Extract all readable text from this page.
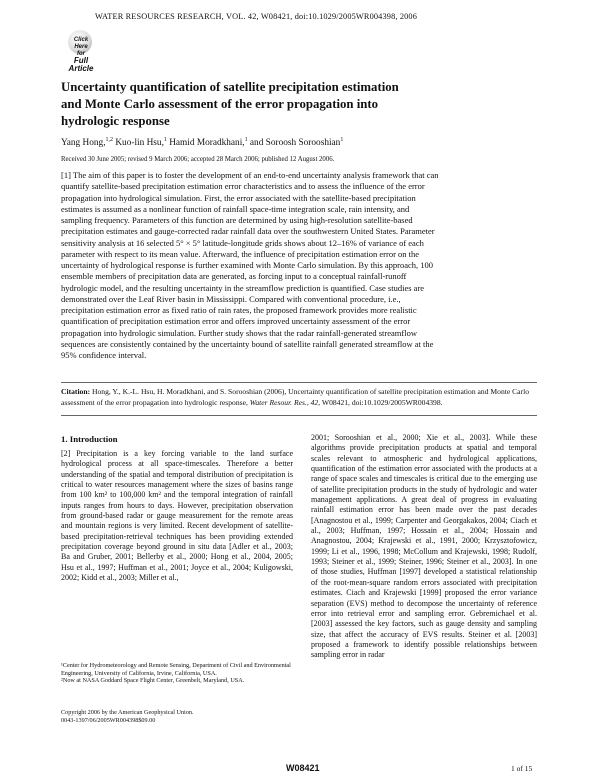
WATER RESOURCES RESEARCH, VOL. 42, W08421, doi:10.1029/2005WR004398, 2006
Click
Here
for
Full
Article
Uncertainty quantification of satellite precipitation estimation and Monte Carlo assessment of the error propagation into hydrologic response
Yang Hong,$^{1,2}$ Kuo-lin Hsu,$^1$ Hamid Moradkhani,$^1$ and Soroosh Sorooshian$^1$
Received 30 June 2005; revised 9 March 2006; accepted 28 March 2006; published 12 August 2006.
[1] The aim of this paper is to foster the development of an end-to-end uncertainty analysis framework that can quantify satellite-based precipitation estimation error characteristics and to assess the influence of the error propagation into hydrological simulation. First, the error associated with the satellite-based precipitation estimates is assumed as a nonlinear function of rainfall space-time integration scale, rain intensity, and sampling frequency. Parameters of this function are determined by using high-resolution satellite-based precipitation estimates and gauge-corrected radar rainfall data over the southwestern United States. Parameter sensitivity analysis at 16 selected 5° × 5° latitude-longitude grids shows about 12–16% of variance of each parameter with respect to its mean value. Afterward, the influence of precipitation estimation error on the uncertainty of hydrological response is further examined with Monte Carlo simulation. By this approach, 100 ensemble members of precipitation data are generated, as forcing input to a conceptual rainfall-runoff hydrologic model, and the resulting uncertainty in the streamflow prediction is quantified. Case studies are demonstrated over the Leaf River basin in Mississippi. Compared with conventional procedure, i.e., precipitation estimation error as fixed ratio of rain rates, the proposed framework provides more realistic quantification of precipitation estimation error and offers improved uncertainty assessment of the error propagation into hydrologic simulation. Further study shows that the radar rainfall-generated streamflow sequences are consistently contained by the uncertainty bound of satellite rainfall generated streamflow at the 95% confidence interval.
Citation: Hong, Y., K.-L. Hsu, H. Moradkhani, and S. Sorooshian (2006), Uncertainty quantification of satellite precipitation estimation and Monte Carlo assessment of the error propagation into hydrologic response, Water Resour. Res., 42, W08421, doi:10.1029/2005WR004398.
1. Introduction
[2] Precipitation is a key forcing variable to the land surface hydrological process at all space-timescales. Therefore a better understanding of the spatial and temporal distribution of precipitation is critical to water resources management where the sizes of basins range from 100 km² to 100,000 km² and the temporal integration of rainfall inputs ranges from hours to days. However, precipitation observation from ground-based radar or gauge measurement for the remote areas and mountain regions is very limited. Recent development of satellite-based precipitation-retrieval techniques has been providing extended precipitation coverage beyond ground in situ data [Adler et al., 2003; Ba and Gruber, 2001; Bellerby et al., 2000; Hong et al., 2004, 2005; Hsu et al., 1997; Huffman et al., 2001; Joyce et al., 2004; Kuligowski, 2002; Kidd et al., 2003; Miller et al.,
2001; Sorooshian et al., 2000; Xie et al., 2003]. While these algorithms provide precipitation products at spatial and temporal scales relevant to atmospheric and hydrological applications, quantification of the estimation error associated with the products at a range of space scales and timescales is critical due to the emerging use of satellite precipitation products in the study of hydrologic and water management applications. A great deal of progress in evaluating rainfall estimation error has been made over the past decades [Anagnostou et al., 1999; Carpenter and Georgakakos, 2004; Ciach et al., 2003; Huffman, 1997; Hossain et al., 2004; Hossain and Anagnostou, 2004; Krajewski et al., 1991, 2000; Krzysztofowicz, 1999; Li et al., 1996, 1998; McCollum and Krajewski, 1998; Rudolf, 1993; Steiner et al., 1999; Steiner, 1996; Steiner et al., 2003]. In one of those studies, Huffman [1997] developed a statistical relationship of the root-mean-square random errors associated with precipitation estimates. Ciach and Krajewski [1999] proposed the error variance separation (EVS) method to decompose the uncertainty of reference error into retrieval error and sampling error. Gebremichael et al. [2003] assessed the key factors, such as gauge density and sampling size, that affect the accuracy of EVS results. Steiner et al. [2003] proposed a framework to identify possible relationships between sampling error in radar
¹Center for Hydrometeorology and Remote Sensing, Department of Civil and Environmental Engineering, University of California, Irvine, California, USA.
²Now at NASA Goddard Space Flight Center, Greenbelt, Maryland, USA.
Copyright 2006 by the American Geophysical Union.
0043-1397/06/2005WR004398$09.00
W08421	1 of 15
